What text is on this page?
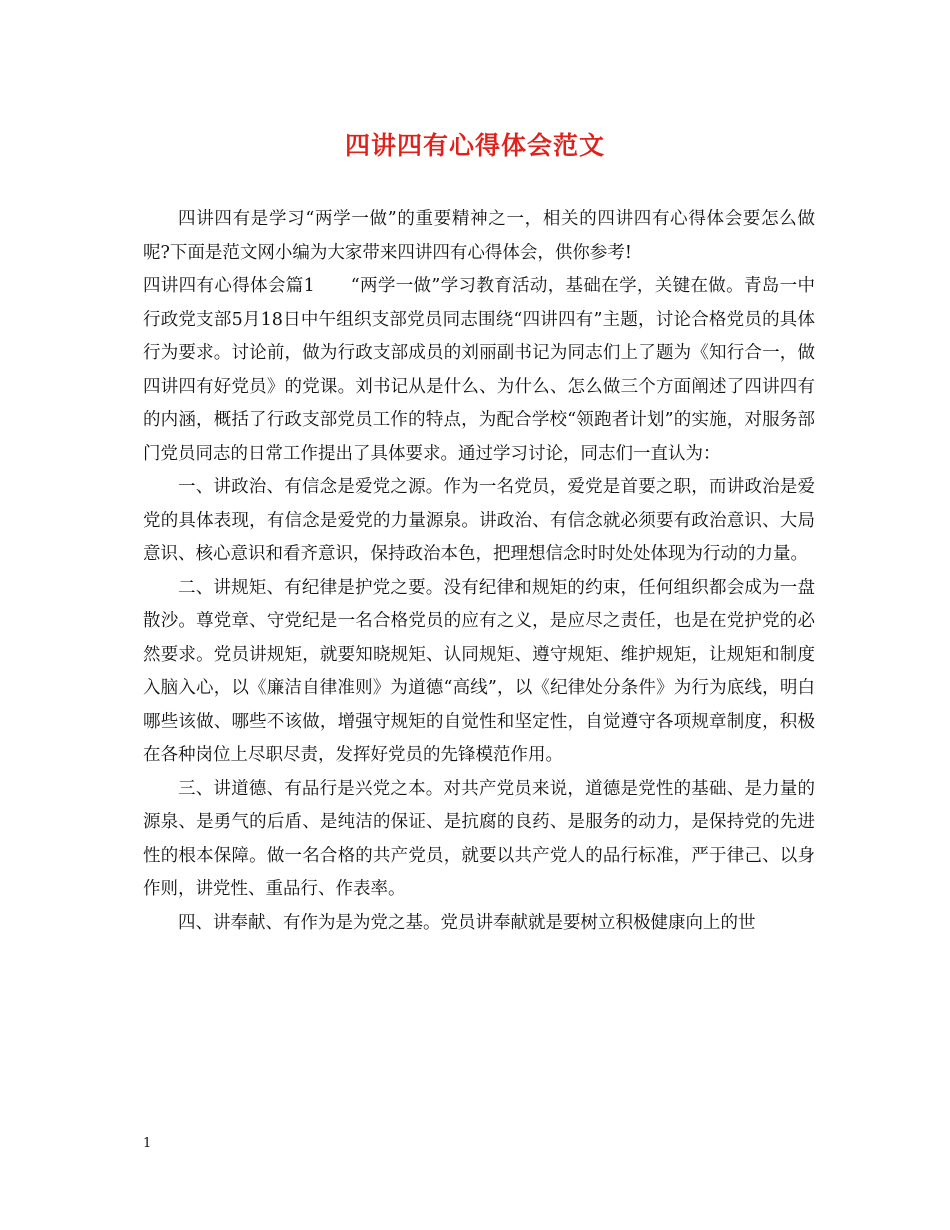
四讲四有心得体会范文

四讲四有是学习“两学一做”的重要精神之一，相关的四讲四有心得体会要怎么做呢?下面是范文网小编为大家带来四讲四有心得体会，供你参考!

四讲四有心得体会篇1　　“两学一做”学习教育活动，基础在学，关键在做。青岛一中行政党支部5月18日中午组织支部党员同志围绕“四讲四有”主题，讨论合格党员的具体行为要求。讨论前，做为行政支部成员的刘丽副书记为同志们上了题为《知行合一，做四讲四有好党员》的党课。刘书记从是什么、为什么、怎么做三个方面阐述了四讲四有的内涵，概括了行政支部党员工作的特点，为配合学校“领跑者计划”的实施，对服务部门党员同志的日常工作提出了具体要求。通过学习讨论，同志们一直认为：

一、讲政治、有信念是爱党之源。作为一名党员，爱党是首要之职，而讲政治是爱党的具体表现，有信念是爱党的力量源泉。讲政治、有信念就必须要有政治意识、大局意识、核心意识和看齐意识，保持政治本色，把理想信念时时处处体现为行动的力量。

二、讲规矩、有纪律是护党之要。没有纪律和规矩的约束，任何组织都会成为一盘散沙。尊党章、守党纪是一名合格党员的应有之义，是应尽之责任，也是在党护党的必然要求。党员讲规矩，就要知晓规矩、认同规矩、遵守规矩、维护规矩，让规矩和制度入脑入心，以《廉洁自律准则》为道德“高线”，以《纪律处分条件》为行为底线，明白哪些该做、哪些不该做，增强守规矩的自觉性和坚定性，自觉遵守各项规章制度，积极在各种岗位上尽职尽责，发挥好党员的先锋模范作用。

三、讲道德、有品行是兴党之本。对共产党员来说，道德是党性的基础、是力量的源泉、是勇气的后盾、是纯洁的保证、是抗腐的良药、是服务的动力，是保持党的先进性的根本保障。做一名合格的共产党员，就要以共产党人的品行标准，严于律己、以身作则，讲党性、重品行、作表率。

四、讲奉献、有作为是为党之基。党员讲奉献就是要树立积极健康向上的世

1
